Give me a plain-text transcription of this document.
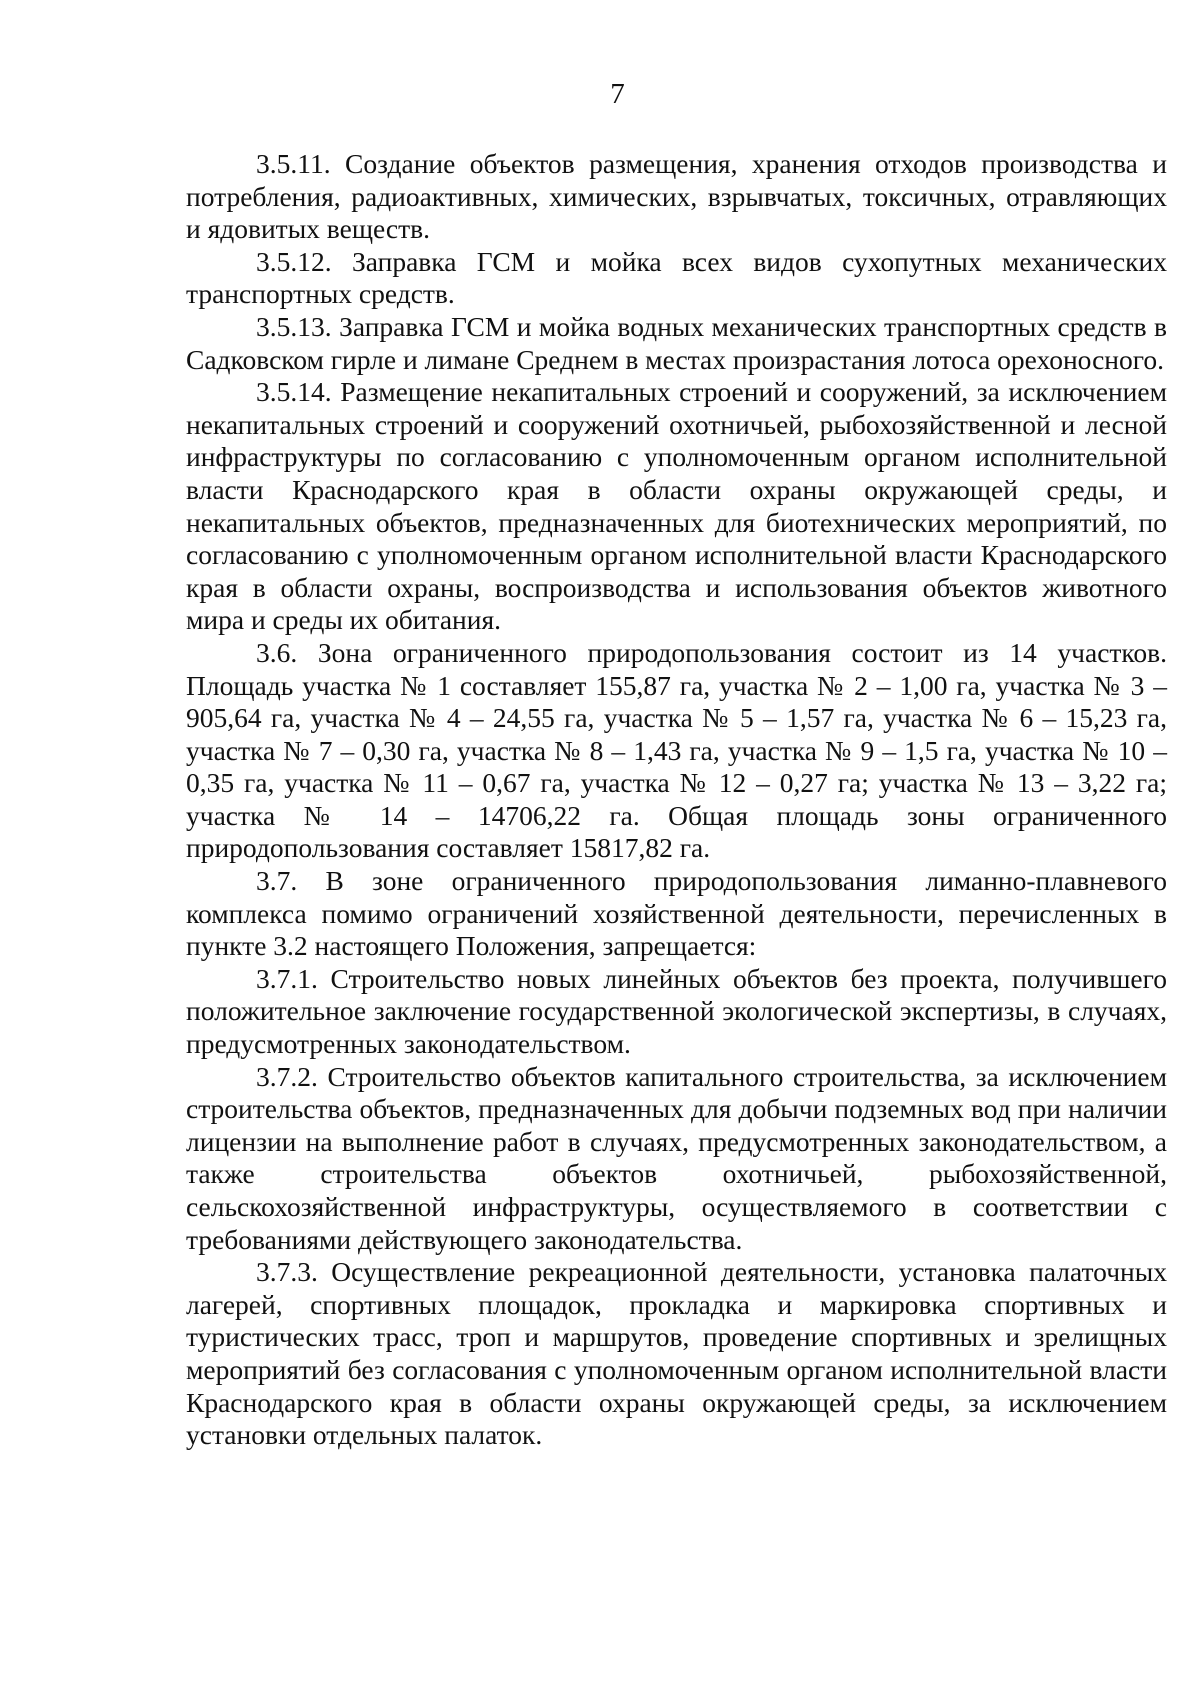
7

3.5.11. Создание объектов размещения, хранения отходов производства и потребления, радиоактивных, химических, взрывчатых, токсичных, отравляющих и ядовитых веществ.

3.5.12. Заправка ГСМ и мойка всех видов сухопутных механических транспортных средств.

3.5.13. Заправка ГСМ и мойка водных механических транспортных средств в Садковском гирле и лимане Среднем в местах произрастания лотоса орехоносного.

3.5.14. Размещение некапитальных строений и сооружений, за исключением некапитальных строений и сооружений охотничьей, рыбохозяйственной и лесной инфраструктуры по согласованию с уполномоченным органом исполнительной власти Краснодарского края в области охраны окружающей среды, и некапитальных объектов, предназначенных для биотехнических мероприятий, по согласованию с уполномоченным органом исполнительной власти Краснодарского края в области охраны, воспроизводства и использования объектов животного мира и среды их обитания.

3.6. Зона ограниченного природопользования состоит из 14 участков. Площадь участка № 1 составляет 155,87 га, участка № 2 – 1,00 га, участка № 3 – 905,64 га, участка № 4 – 24,55 га, участка № 5 – 1,57 га, участка № 6 – 15,23 га, участка № 7 – 0,30 га, участка № 8 – 1,43 га, участка № 9 – 1,5 га, участка № 10 – 0,35 га, участка № 11 – 0,67 га, участка № 12 – 0,27 га; участка № 13 – 3,22 га; участка № 14 – 14706,22 га. Общая площадь зоны ограниченного природопользования составляет 15817,82 га.

3.7. В зоне ограниченного природопользования лиманно-плавневого комплекса помимо ограничений хозяйственной деятельности, перечисленных в пункте 3.2 настоящего Положения, запрещается:

3.7.1. Строительство новых линейных объектов без проекта, получившего положительное заключение государственной экологической экспертизы, в случаях, предусмотренных законодательством.

3.7.2. Строительство объектов капитального строительства, за исключением строительства объектов, предназначенных для добычи подземных вод при наличии лицензии на выполнение работ в случаях, предусмотренных законодательством, а также строительства объектов охотничьей, рыбохозяйственной, сельскохозяйственной инфраструктуры, осуществляемого в соответствии с требованиями действующего законодательства.

3.7.3. Осуществление рекреационной деятельности, установка палаточных лагерей, спортивных площадок, прокладка и маркировка спортивных и туристических трасс, троп и маршрутов, проведение спортивных и зрелищных мероприятий без согласования с уполномоченным органом исполнительной власти Краснодарского края в области охраны окружающей среды, за исключением установки отдельных палаток.
